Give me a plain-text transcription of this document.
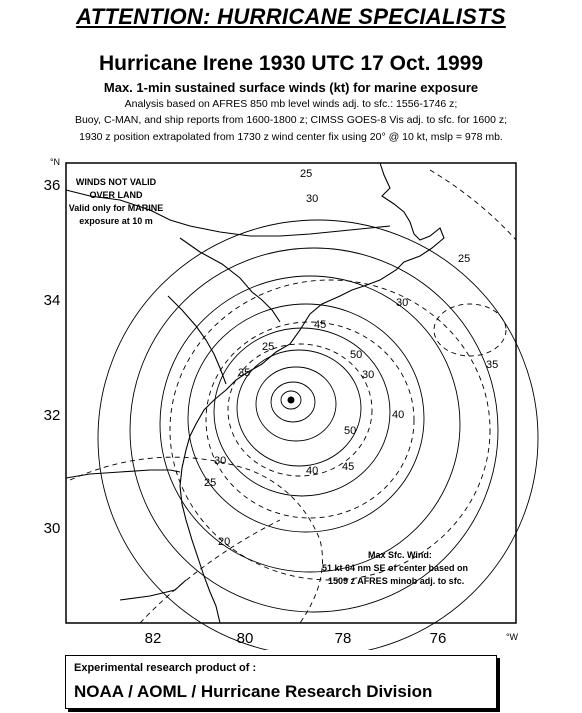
ATTENTION: HURRICANE SPECIALISTS
Hurricane Irene 1930 UTC 17 Oct. 1999
Max. 1-min sustained surface winds (kt) for marine exposure
Analysis based on AFRES 850 mb level winds adj. to sfc.: 1556-1746 z;
Buoy, C-MAN, and ship reports from 1600-1800 z; CIMSS GOES-8 Vis adj. to sfc. for 1600 z;
1930 z position extrapolated from 1730 z wind center fix using 20° @ 10 kt, mslp = 978 mb.
36
34
32
30
°N
82	80	78	76	°W
WINDS NOT VALID
OVER LAND
Valid only for MARINE
exposure at 10 m
Max Sfc. Wind:
51 kt 64 nm SE of center based on
1509 z AFRES minob adj. to sfc.
25
30
25
30
35
45
50
30
40
50
45
40
35
30
25
20
25
Experimental research product of :
NOAA / AOML / Hurricane Research Division
